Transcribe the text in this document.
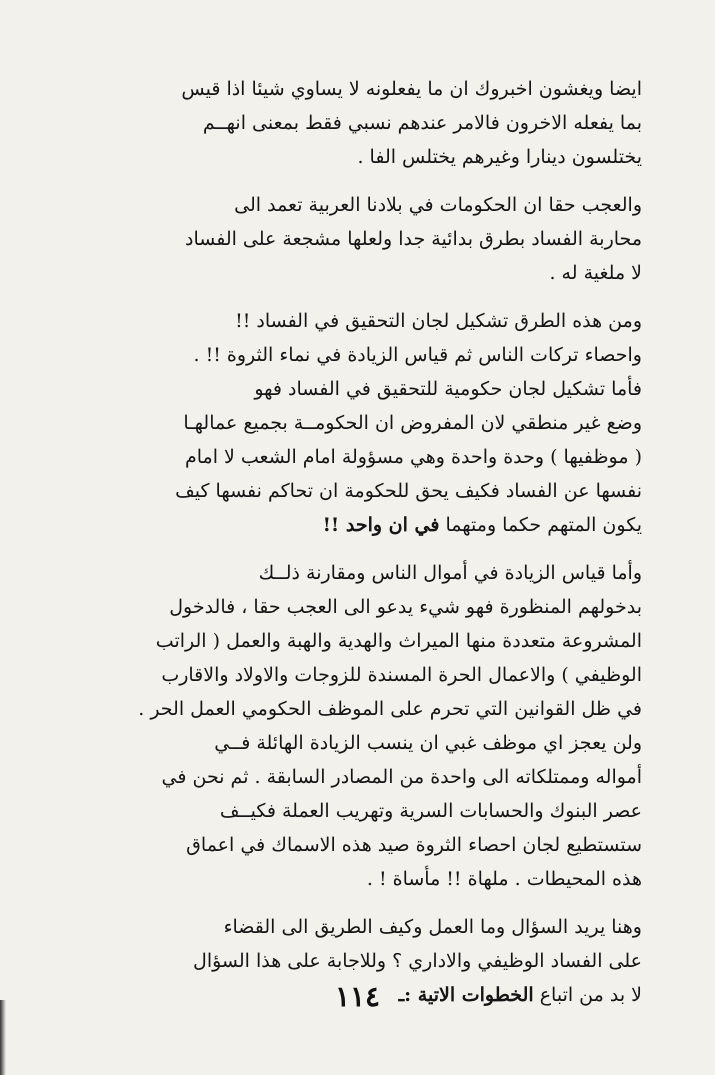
ايضا ويغشون اخبروك ان ما يفعلونه لا يساوي شيئا اذا قيس
بما يفعله الاخرون فالامر عندهم نسبي فقط بمعنى انهــم
يختلسون دينارا وغيرهم يختلس الفا .
والعجب حقا ان الحكومات في بلادنا العربية تعمد الى
محاربة الفساد بطرق بدائية جدا ولعلها مشجعة على الفساد
لا ملغية له .
ومن هذه الطرق تشكيل لجان التحقيق في الفساد !!
واحصاء تركات الناس ثم قياس الزيادة في نماء الثروة !! .
فأما تشكيل لجان حكومية للتحقيق في الفساد فهو
وضع غير منطقي لان المفروض ان الحكومــة بجميع عمالهـا
( موظفيها ) وحدة واحدة وهي مسؤولة امام الشعب لا امام
نفسها عن الفساد فكيف يحق للحكومة ان تحاكم نفسها كيف
يكون المتهم حكما ومتهما في ان واحد !!
وأما قياس الزيادة في أموال الناس ومقارنة ذلــك
بدخولهم المنظورة فهو شيء يدعو الى العجب حقا ، فالدخول
المشروعة متعددة منها الميراث والهدية والهبة والعمل ( الراتب
الوظيفي ) والاعمال الحرة المسندة للزوجات والاولاد والاقارب
في ظل القوانين التي تحرم على الموظف الحكومي العمل الحر .
ولن يعجز اي موظف غبي ان ينسب الزيادة الهائلة فــي
أمواله وممتلكاته الى واحدة من المصادر السابقة . ثم نحن في
عصر البنوك والحسابات السرية وتهريب العملة فكيــف
ستستطيع لجان احصاء الثروة صيد هذه الاسماك في اعماق
هذه المحيطات . ملهاة !! مأساة ! .
وهنا يريد السؤال وما العمل وكيف الطريق الى القضاء
على الفساد الوظيفي والاداري ؟ وللاجابة على هذا السؤال
لا بد من اتباع الخطوات الاتية :ـ
١١٤
